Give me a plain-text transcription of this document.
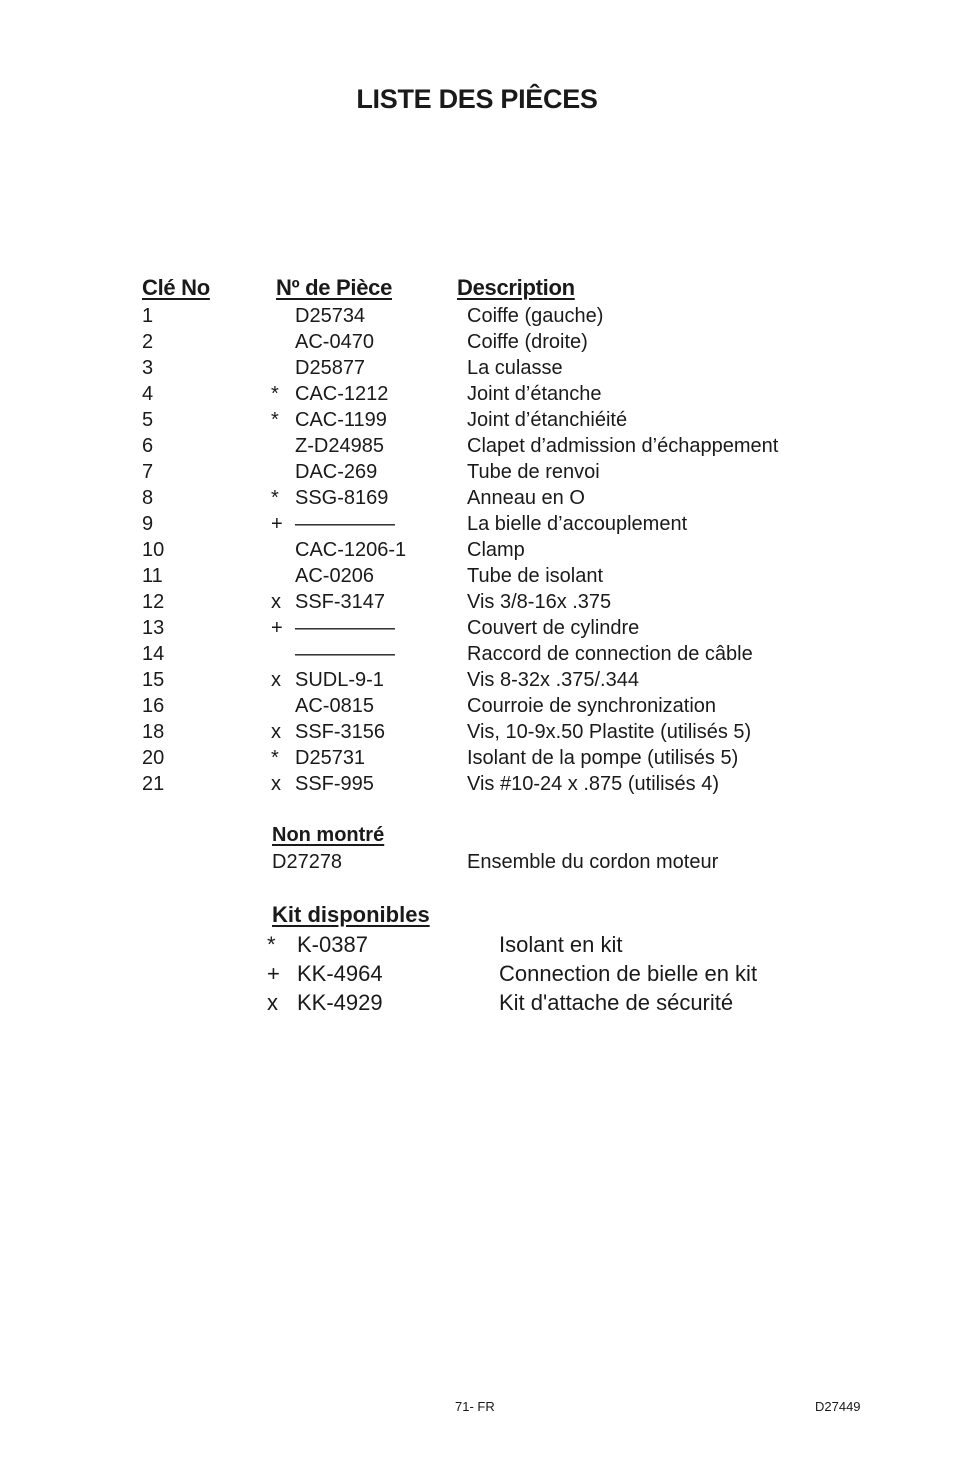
LISTE DES PIÊCES
Clé No	Nº de Pièce	Description
1	D25734	Coiffe (gauche)
2	AC-0470	Coiffe (droite)
3	D25877	La culasse
4	* CAC-1212	Joint d’étanche
5	* CAC-1199	Joint d’étanchiéité
6	Z-D24985	Clapet d’admission d’échappement
7	DAC-269	Tube de renvoi
8	* SSG-8169	Anneau en O
9	+ —————	La bielle d’accouplement
10	CAC-1206-1	Clamp
11	AC-0206	Tube de isolant
12	x SSF-3147	Vis 3/8-16x .375
13	+ —————	Couvert de cylindre
14	—————	Raccord de connection de câble
15	x SUDL-9-1	Vis 8-32x .375/.344
16	AC-0815	Courroie de synchronization
18	x SSF-3156	Vis, 10-9x.50 Plastite (utilisés 5)
20	* D25731	Isolant de la pompe (utilisés 5)
21	x SSF-995	Vis #10-24 x .875 (utilisés 4)
Non montré
D27278	Ensemble du cordon moteur
Kit disponibles
* K-0387	Isolant en kit
+ KK-4964	Connection de bielle en kit
x KK-4929	Kit d'attache de sécurité
71- FR	D27449
